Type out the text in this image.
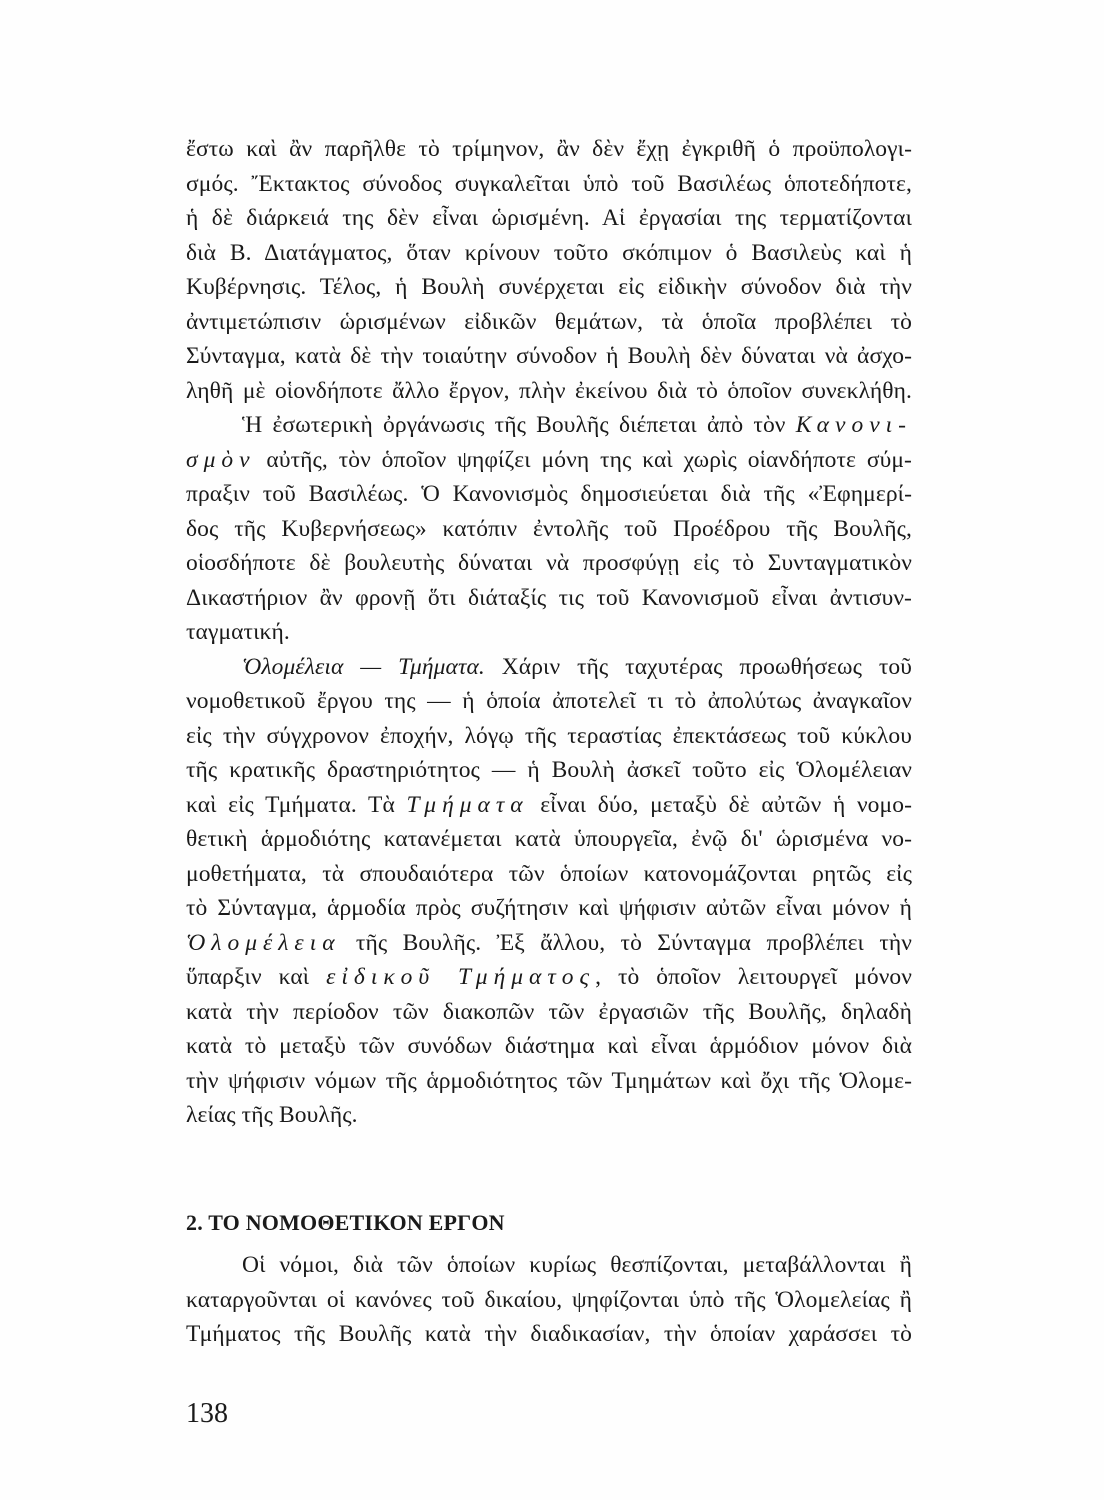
ἔστω καὶ ἂν παρῆλθε τὸ τρίμηνον, ἂν δὲν ἔχῃ ἐγκριθῆ ὁ προϋπολογι-
σμός. Ἔκτακτος σύνοδος συγκαλεῖται ὑπὸ τοῦ Βασιλέως ὁποτεδήποτε,
ἡ δὲ διάρκειά της δὲν εἶναι ὡρισμένη. Αἱ ἐργασίαι της τερματίζονται
διὰ Β. Διατάγματος, ὅταν κρίνουν τοῦτο σκόπιμον ὁ Βασιλεὺς καὶ ἡ
Κυβέρνησις. Τέλος, ἡ Βουλὴ συνέρχεται εἰς εἰδικὴν σύνοδον διὰ τὴν
ἀντιμετώπισιν ὡρισμένων εἰδικῶν θεμάτων, τὰ ὁποῖα προβλέπει τὸ
Σύνταγμα, κατὰ δὲ τὴν τοιαύτην σύνοδον ἡ Βουλὴ δὲν δύναται νὰ ἀσχο-
ληθῆ μὲ οἱονδήποτε ἄλλο ἔργον, πλὴν ἐκείνου διὰ τὸ ὁποῖον συνεκλήθη.
Ἡ ἐσωτερικὴ ὀργάνωσις τῆς Βουλῆς διέπεται ἀπὸ τὸν Κανονι-
σμὸν αὐτῆς, τὸν ὁποῖον ψηφίζει μόνη της καὶ χωρὶς οἱανδήποτε σύμ-
πραξιν τοῦ Βασιλέως. Ὁ Κανονισμὸς δημοσιεύεται διὰ τῆς «Ἐφημερί-
δος τῆς Κυβερνήσεως» κατόπιν ἐντολῆς τοῦ Προέδρου τῆς Βουλῆς,
οἱοσδήποτε δὲ βουλευτὴς δύναται νὰ προσφύγῃ εἰς τὸ Συνταγματικὸν
Δικαστήριον ἂν φρονῇ ὅτι διάταξίς τις τοῦ Κανονισμοῦ εἶναι ἀντισυν-
ταγματική.
Ὁλομέλεια — Τμήματα. Χάριν τῆς ταχυτέρας προωθήσεως τοῦ
νομοθετικοῦ ἔργου της — ἡ ὁποία ἀποτελεῖ τι τὸ ἀπολύτως ἀναγκαῖον
εἰς τὴν σύγχρονον ἐποχήν, λόγῳ τῆς τεραστίας ἐπεκτάσεως τοῦ κύκλου
τῆς κρατικῆς δραστηριότητος — ἡ Βουλὴ ἀσκεῖ τοῦτο εἰς Ὁλομέλειαν
καὶ εἰς Τμήματα. Τὰ Τμήματα εἶναι δύο, μεταξὺ δὲ αὐτῶν ἡ νομο-
θετικὴ ἁρμοδιότης κατανέμεται κατὰ ὑπουργεῖα, ἐνῷ δι' ὡρισμένα νο-
μοθετήματα, τὰ σπουδαιότερα τῶν ὁποίων κατονομάζονται ρητῶς εἰς
τὸ Σύνταγμα, ἁρμοδία πρὸς συζήτησιν καὶ ψήφισιν αὐτῶν εἶναι μόνον ἡ
Ὁλομέλεια τῆς Βουλῆς. Ἐξ ἄλλου, τὸ Σύνταγμα προβλέπει τὴν
ὕπαρξιν καὶ εἰδικοῦ Τμήματος, τὸ ὁποῖον λειτουργεῖ μόνον
κατὰ τὴν περίοδον τῶν διακοπῶν τῶν ἐργασιῶν τῆς Βουλῆς, δηλαδὴ
κατὰ τὸ μεταξὺ τῶν συνόδων διάστημα καὶ εἶναι ἁρμόδιον μόνον διὰ
τὴν ψήφισιν νόμων τῆς ἁρμοδιότητος τῶν Τμημάτων καὶ ὄχι τῆς Ὁλομε-
λείας τῆς Βουλῆς.
2. ΤΟ ΝΟΜΟΘΕΤΙΚΟΝ ΕΡΓΟΝ
Οἱ νόμοι, διὰ τῶν ὁποίων κυρίως θεσπίζονται, μεταβάλλονται ἢ
καταργοῦνται οἱ κανόνες τοῦ δικαίου, ψηφίζονται ὑπὸ τῆς Ὁλομελείας ἢ
Τμήματος τῆς Βουλῆς κατὰ τὴν διαδικασίαν, τὴν ὁποίαν χαράσσει τὸ
138
